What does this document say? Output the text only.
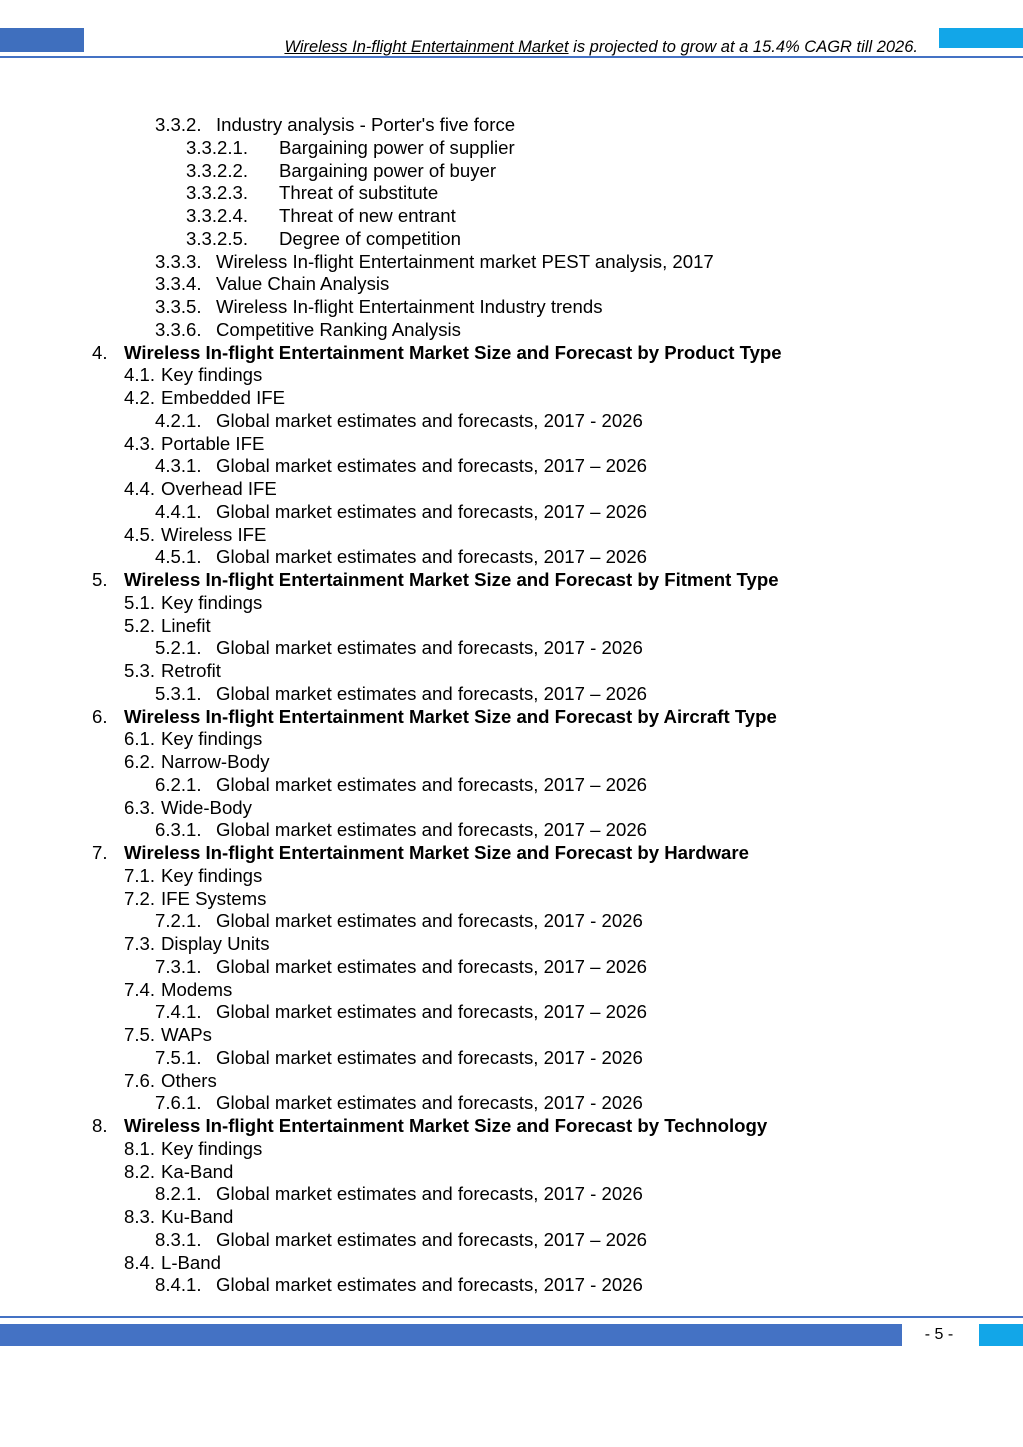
Wireless In-flight Entertainment Market is projected to grow at a 15.4% CAGR till 2026.
3.3.2. Industry analysis - Porter's five force
3.3.2.1. Bargaining power of supplier
3.3.2.2. Bargaining power of buyer
3.3.2.3. Threat of substitute
3.3.2.4. Threat of new entrant
3.3.2.5. Degree of competition
3.3.3. Wireless In-flight Entertainment market PEST analysis, 2017
3.3.4. Value Chain Analysis
3.3.5. Wireless In-flight Entertainment Industry trends
3.3.6. Competitive Ranking Analysis
4. Wireless In-flight Entertainment Market Size and Forecast by Product Type
4.1. Key findings
4.2. Embedded IFE
4.2.1. Global market estimates and forecasts, 2017 - 2026
4.3. Portable IFE
4.3.1. Global market estimates and forecasts, 2017 – 2026
4.4. Overhead IFE
4.4.1. Global market estimates and forecasts, 2017 – 2026
4.5. Wireless IFE
4.5.1. Global market estimates and forecasts, 2017 – 2026
5. Wireless In-flight Entertainment Market Size and Forecast by Fitment Type
5.1. Key findings
5.2. Linefit
5.2.1. Global market estimates and forecasts, 2017 - 2026
5.3. Retrofit
5.3.1. Global market estimates and forecasts, 2017 – 2026
6. Wireless In-flight Entertainment Market Size and Forecast by Aircraft Type
6.1. Key findings
6.2. Narrow-Body
6.2.1. Global market estimates and forecasts, 2017 – 2026
6.3. Wide-Body
6.3.1. Global market estimates and forecasts, 2017 – 2026
7. Wireless In-flight Entertainment Market Size and Forecast by Hardware
7.1. Key findings
7.2. IFE Systems
7.2.1. Global market estimates and forecasts, 2017 - 2026
7.3. Display Units
7.3.1. Global market estimates and forecasts, 2017 – 2026
7.4. Modems
7.4.1. Global market estimates and forecasts, 2017 – 2026
7.5. WAPs
7.5.1. Global market estimates and forecasts, 2017 - 2026
7.6. Others
7.6.1. Global market estimates and forecasts, 2017 - 2026
8. Wireless In-flight Entertainment Market Size and Forecast by Technology
8.1. Key findings
8.2. Ka-Band
8.2.1. Global market estimates and forecasts, 2017 - 2026
8.3. Ku-Band
8.3.1. Global market estimates and forecasts, 2017 – 2026
8.4. L-Band
8.4.1. Global market estimates and forecasts, 2017 - 2026
- 5 -
